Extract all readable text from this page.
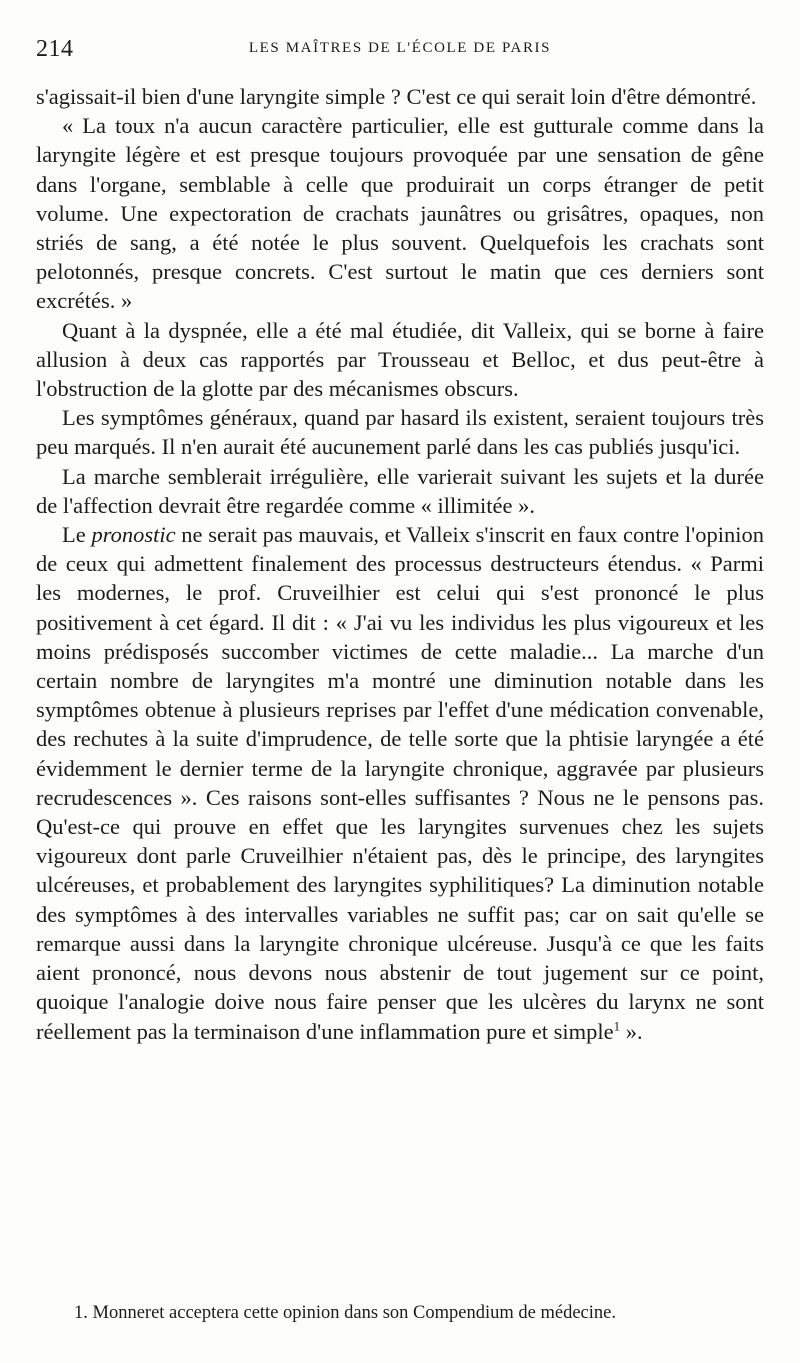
214	LES MAÎTRES DE L'ÉCOLE DE PARIS

s'agissait-il bien d'une laryngite simple ? C'est ce qui serait loin d'être démontré.

« La toux n'a aucun caractère particulier, elle est gutturale comme dans la laryngite légère et est presque toujours provoquée par une sensation de gêne dans l'organe, semblable à celle que produirait un corps étranger de petit volume. Une expectoration de crachats jaunâtres ou grisâtres, opaques, non striés de sang, a été notée le plus souvent. Quelquefois les crachats sont pelotonnés, presque concrets. C'est surtout le matin que ces derniers sont excrétés. »

Quant à la dyspnée, elle a été mal étudiée, dit Valleix, qui se borne à faire allusion à deux cas rapportés par Trousseau et Belloc, et dus peut-être à l'obstruction de la glotte par des mécanismes obscurs.

Les symptômes généraux, quand par hasard ils existent, seraient toujours très peu marqués. Il n'en aurait été aucunement parlé dans les cas publiés jusqu'ici.

La marche semblerait irrégulière, elle varierait suivant les sujets et la durée de l'affection devrait être regardée comme « illimitée ».

Le pronostic ne serait pas mauvais, et Valleix s'inscrit en faux contre l'opinion de ceux qui admettent finalement des processus destructeurs étendus. « Parmi les modernes, le prof. Cruveilhier est celui qui s'est prononcé le plus positivement à cet égard. Il dit : « J'ai vu les individus les plus vigoureux et les moins prédisposés succomber victimes de cette maladie... La marche d'un certain nombre de laryngites m'a montré une diminution notable dans les symptômes obtenue à plusieurs reprises par l'effet d'une médication convenable, des rechutes à la suite d'imprudence, de telle sorte que la phtisie laryngée a été évidemment le dernier terme de la laryngite chronique, aggravée par plusieurs recrudescences ». Ces raisons sont-elles suffisantes ? Nous ne le pensons pas. Qu'est-ce qui prouve en effet que les laryngites survenues chez les sujets vigoureux dont parle Cruveilhier n'étaient pas, dès le principe, des laryngites ulcéreuses, et probablement des laryngites syphilitiques? La diminution notable des symptômes à des intervalles variables ne suffit pas; car on sait qu'elle se remarque aussi dans la laryngite chronique ulcéreuse. Jusqu'à ce que les faits aient prononcé, nous devons nous abstenir de tout jugement sur ce point, quoique l'analogie doive nous faire penser que les ulcères du larynx ne sont réellement pas la terminaison d'une inflammation pure et simple$^1$ ».

1. Monneret acceptera cette opinion dans son Compendium de médecine.
